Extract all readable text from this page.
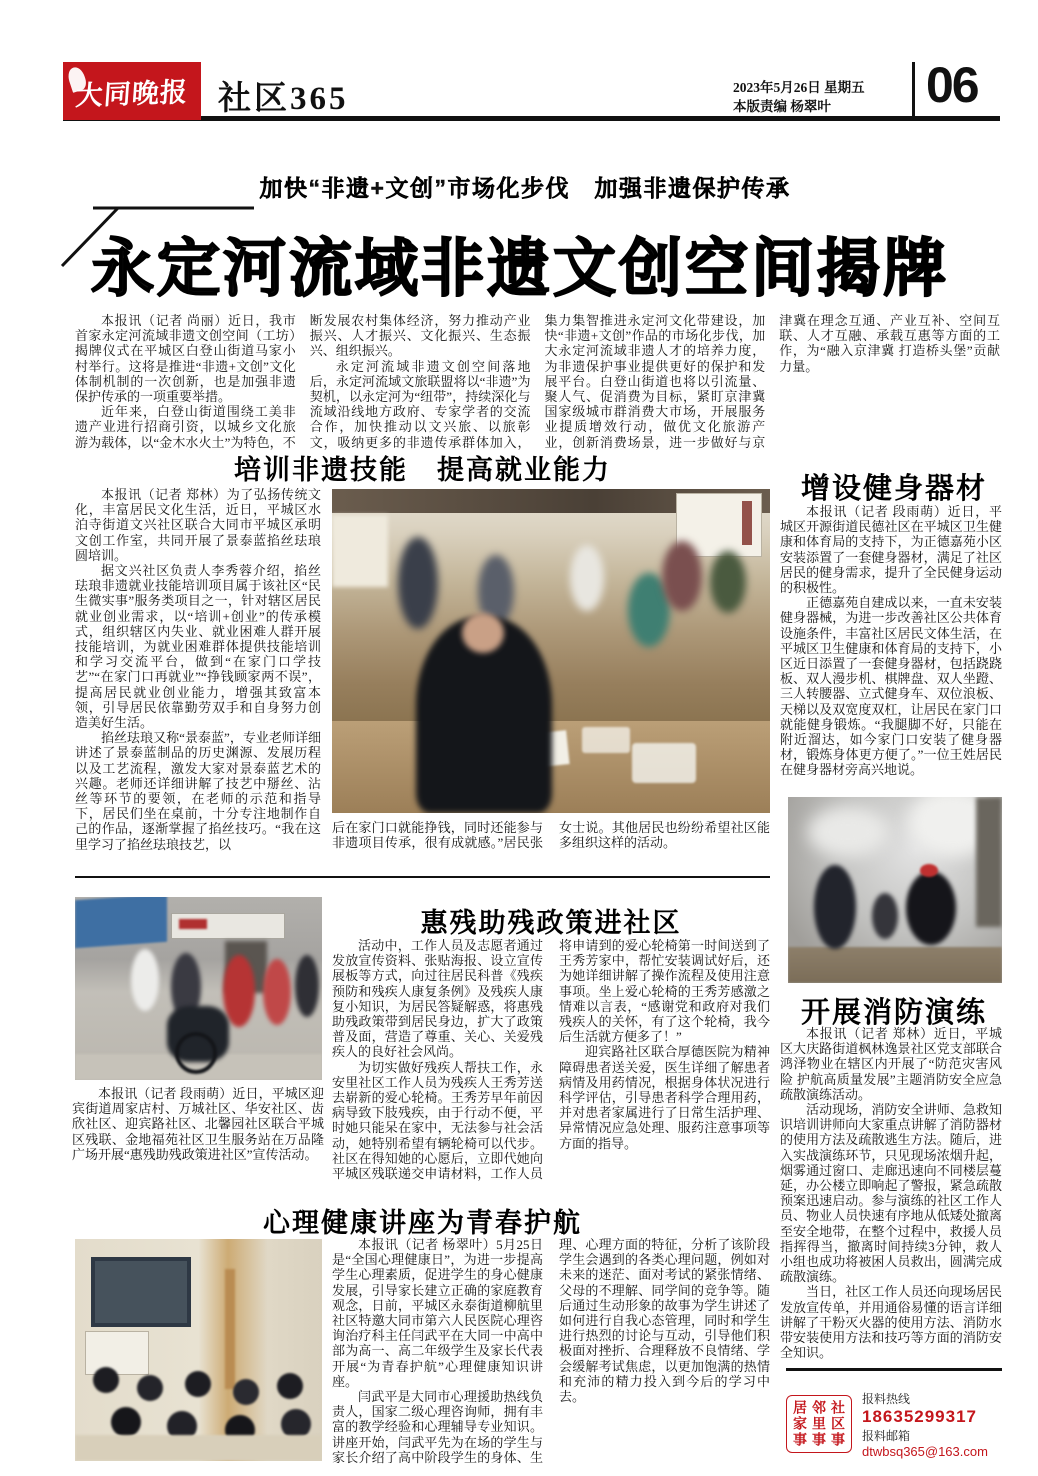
大同晚报 社区365	2023年5月26日 星期五
本版责编 杨翠叶	06
加快“非遗+文创”市场化步伐　加强非遗保护传承
永定河流域非遗文创空间揭牌

本报讯（记者 尚丽）近日，我市首家永定河流域非遗文创空间（工坊）揭牌仪式在平城区白登山街道马家小村举行。这将是推进“非遗+文创”文化体制机制的一次创新，也是加强非遗保护传承的一项重要举措。

近年来，白登山街道围绕工美非遗产业进行招商引资，以城乡文化旅游为载体，以“金木水火土”为特色，不断发展农村集体经济，努力推动产业振兴、人才振兴、文化振兴、生态振兴、组织振兴。

永定河流域非遗文创空间落地后，永定河流域文旅联盟将以“非遗”为契机，以永定河为“纽带”，持续深化与流域沿线地方政府、专家学者的交流合作，加快推动以文兴旅、以旅彰文，吸纳更多的非遗传承群体加入，集力集智推进永定河文化带建设，加快“非遗+文创”作品的市场化步伐，加大永定河流域非遗人才的培养力度，为非遗保护事业提供更好的保护和发展平台。白登山街道也将以引流量、聚人气、促消费为目标，紧盯京津冀国家级城市群消费大市场，开展服务业提质增效行动，做优文化旅游产业，创新消费场景，进一步做好与京津冀在理念互通、产业互补、空间互联、人才互融、承载互惠等方面的工作，为“融入京津冀 打造桥头堡”贡献力量。

培训非遗技能　提高就业能力

本报讯（记者 郑林）为了弘扬传统文化，丰富居民文化生活，近日，平城区水泊寺街道文兴社区联合大同市平城区承明文创工作室，共同开展了景泰蓝掐丝珐琅圆培训。

据文兴社区负责人李秀蓉介绍，掐丝珐琅非遗就业技能培训项目属于该社区“民生微实事”服务类项目之一，针对辖区居民就业创业需求，以“培训+创业”的传承模式，组织辖区内失业、就业困难人群开展技能培训，为就业困难群体提供技能培训和学习交流平台，做到“在家门口学技艺”“在家门口再就业”“挣钱顾家两不误”，提高居民就业创业能力，增强其致富本领，引导居民依靠勤劳双手和自身努力创造美好生活。

掐丝珐琅又称“景泰蓝”，专业老师详细讲述了景泰蓝制品的历史渊源、发展历程以及工艺流程，激发大家对景泰蓝艺术的兴趣。老师还详细讲解了技艺中掰丝、沾丝等环节的要领，在老师的示范和指导下，居民们坐在桌前，十分专注地制作自己的作品，逐渐掌握了掐丝技巧。“我在这里学习了掐丝珐琅技艺，以

后在家门口就能挣钱，同时还能参与非遗项目传承，很有成就感。”居民张女士说。其他居民也纷纷希望社区能多组织这样的活动。
增设健身器材

本报讯（记者 段雨萌）近日，平城区开源街道民德社区在平城区卫生健康和体育局的支持下，为正德嘉苑小区安装添置了一套健身器材，满足了社区居民的健身需求，提升了全民健身运动的积极性。

正德嘉苑自建成以来，一直未安装健身器械，为进一步改善社区公共体育设施条件，丰富社区居民文体生活，在平城区卫生健康和体育局的支持下，小区近日添置了一套健身器材，包括跷跷板、双人漫步机、棋牌盘、双人坐蹬、三人转腰器、立式健身车、双位浪板、天梯以及双宽度双杠，让居民在家门口就能健身锻炼。“我腿脚不好，只能在附近溜达，如今家门口安装了健身器材，锻炼身体更方便了。”一位王姓居民在健身器材旁高兴地说。

开展消防演练

本报讯（记者 郑林）近日，平城区大庆路街道枫林逸景社区党支部联合鸿泽物业在辖区内开展了“防范灾害风险 护航高质量发展”主题消防安全应急疏散演练活动。

活动现场，消防安全讲师、急救知识培训讲师向大家重点讲解了消防器材的使用方法及疏散逃生方法。随后，进入实战演练环节，只见现场浓烟升起，烟雾通过窗口、走廊迅速向不同楼层蔓延，办公楼立即响起了警报，紧急疏散预案迅速启动。参与演练的社区工作人员、物业人员快速有序地从低矮处撤离至安全地带，在整个过程中，救援人员指挥得当，撤离时间持续3分钟，救人小组也成功将被困人员救出，圆满完成疏散演练。

当日，社区工作人员还向现场居民发放宣传单，并用通俗易懂的语言详细讲解了干粉灭火器的使用方法、消防水带安装使用方法和技巧等方面的消防安全知识。

居家事 邻里事 社区事
报料热线
18635299317
报料邮箱
dtwbsq365@163.com
本报讯（记者 段雨萌）近日，平城区迎宾街道周家店村、万城社区、华安社区、齿欣社区、迎宾路社区、北馨园社区联合平城区残联、金地福苑社区卫生服务站在万品隆广场开展“惠残助残政策进社区”宣传活动。
惠残助残政策进社区

活动中，工作人员及志愿者通过发放宣传资料、张贴海报、设立宣传展板等方式，向过往居民科普《残疾预防和残疾人康复条例》及残疾人康复小知识，为居民答疑解惑，将惠残助残政策带到居民身边，扩大了政策普及面，营造了尊重、关心、关爱残疾人的良好社会风尚。

为切实做好残疾人帮扶工作，永安里社区工作人员为残疾人王秀芳送去崭新的爱心轮椅。王秀芳早年前因病导致下肢残疾，由于行动不便，平时她只能呆在家中，无法参与社会活动，她特别希望有辆轮椅可以代步。社区在得知她的心愿后，立即代她向平城区残联递交申请材料，工作人员将申请到的爱心轮椅第一时间送到了王秀芳家中，帮忙安装调试好后，还为她详细讲解了操作流程及使用注意事项。坐上爱心轮椅的王秀芳感激之情难以言表，“感谢党和政府对我们残疾人的关怀，有了这个轮椅，我今后生活就方便多了！”

迎宾路社区联合厚德医院为精神障碍患者送关爱，医生详细了解患者病情及用药情况，根据身体状况进行科学评估，引导患者科学合理用药，并对患者家属进行了日常生活护理、异常情况应急处理、服药注意事项等方面的指导。

心理健康讲座为青春护航

本报讯（记者 杨翠叶）5月25日是“全国心理健康日”，为进一步提高学生心理素质，促进学生的身心健康发展，引导家长建立正确的家庭教育观念，日前，平城区永泰街道柳航里社区特邀大同市第六人民医院心理咨询治疗科主任闫武平在大同一中高中部为高一、高二年级学生及家长代表开展“为青春护航”心理健康知识讲座。

闫武平是大同市心理援助热线负责人，国家二级心理咨询师，拥有丰富的教学经验和心理辅导专业知识。讲座开始，闫武平先为在场的学生与家长介绍了高中阶段学生的身体、生理、心理方面的特征，分析了该阶段学生会遇到的各类心理问题，例如对未来的迷茫、面对考试的紧张情绪、父母的不理解、同学间的竞争等。随后通过生动形象的故事为学生讲述了如何进行自我心态管理，同时和学生进行热烈的讨论与互动，引导他们积极面对挫折、合理释放不良情绪、学会缓解考试焦虑，以更加饱满的热情和充沛的精力投入到今后的学习中去。
